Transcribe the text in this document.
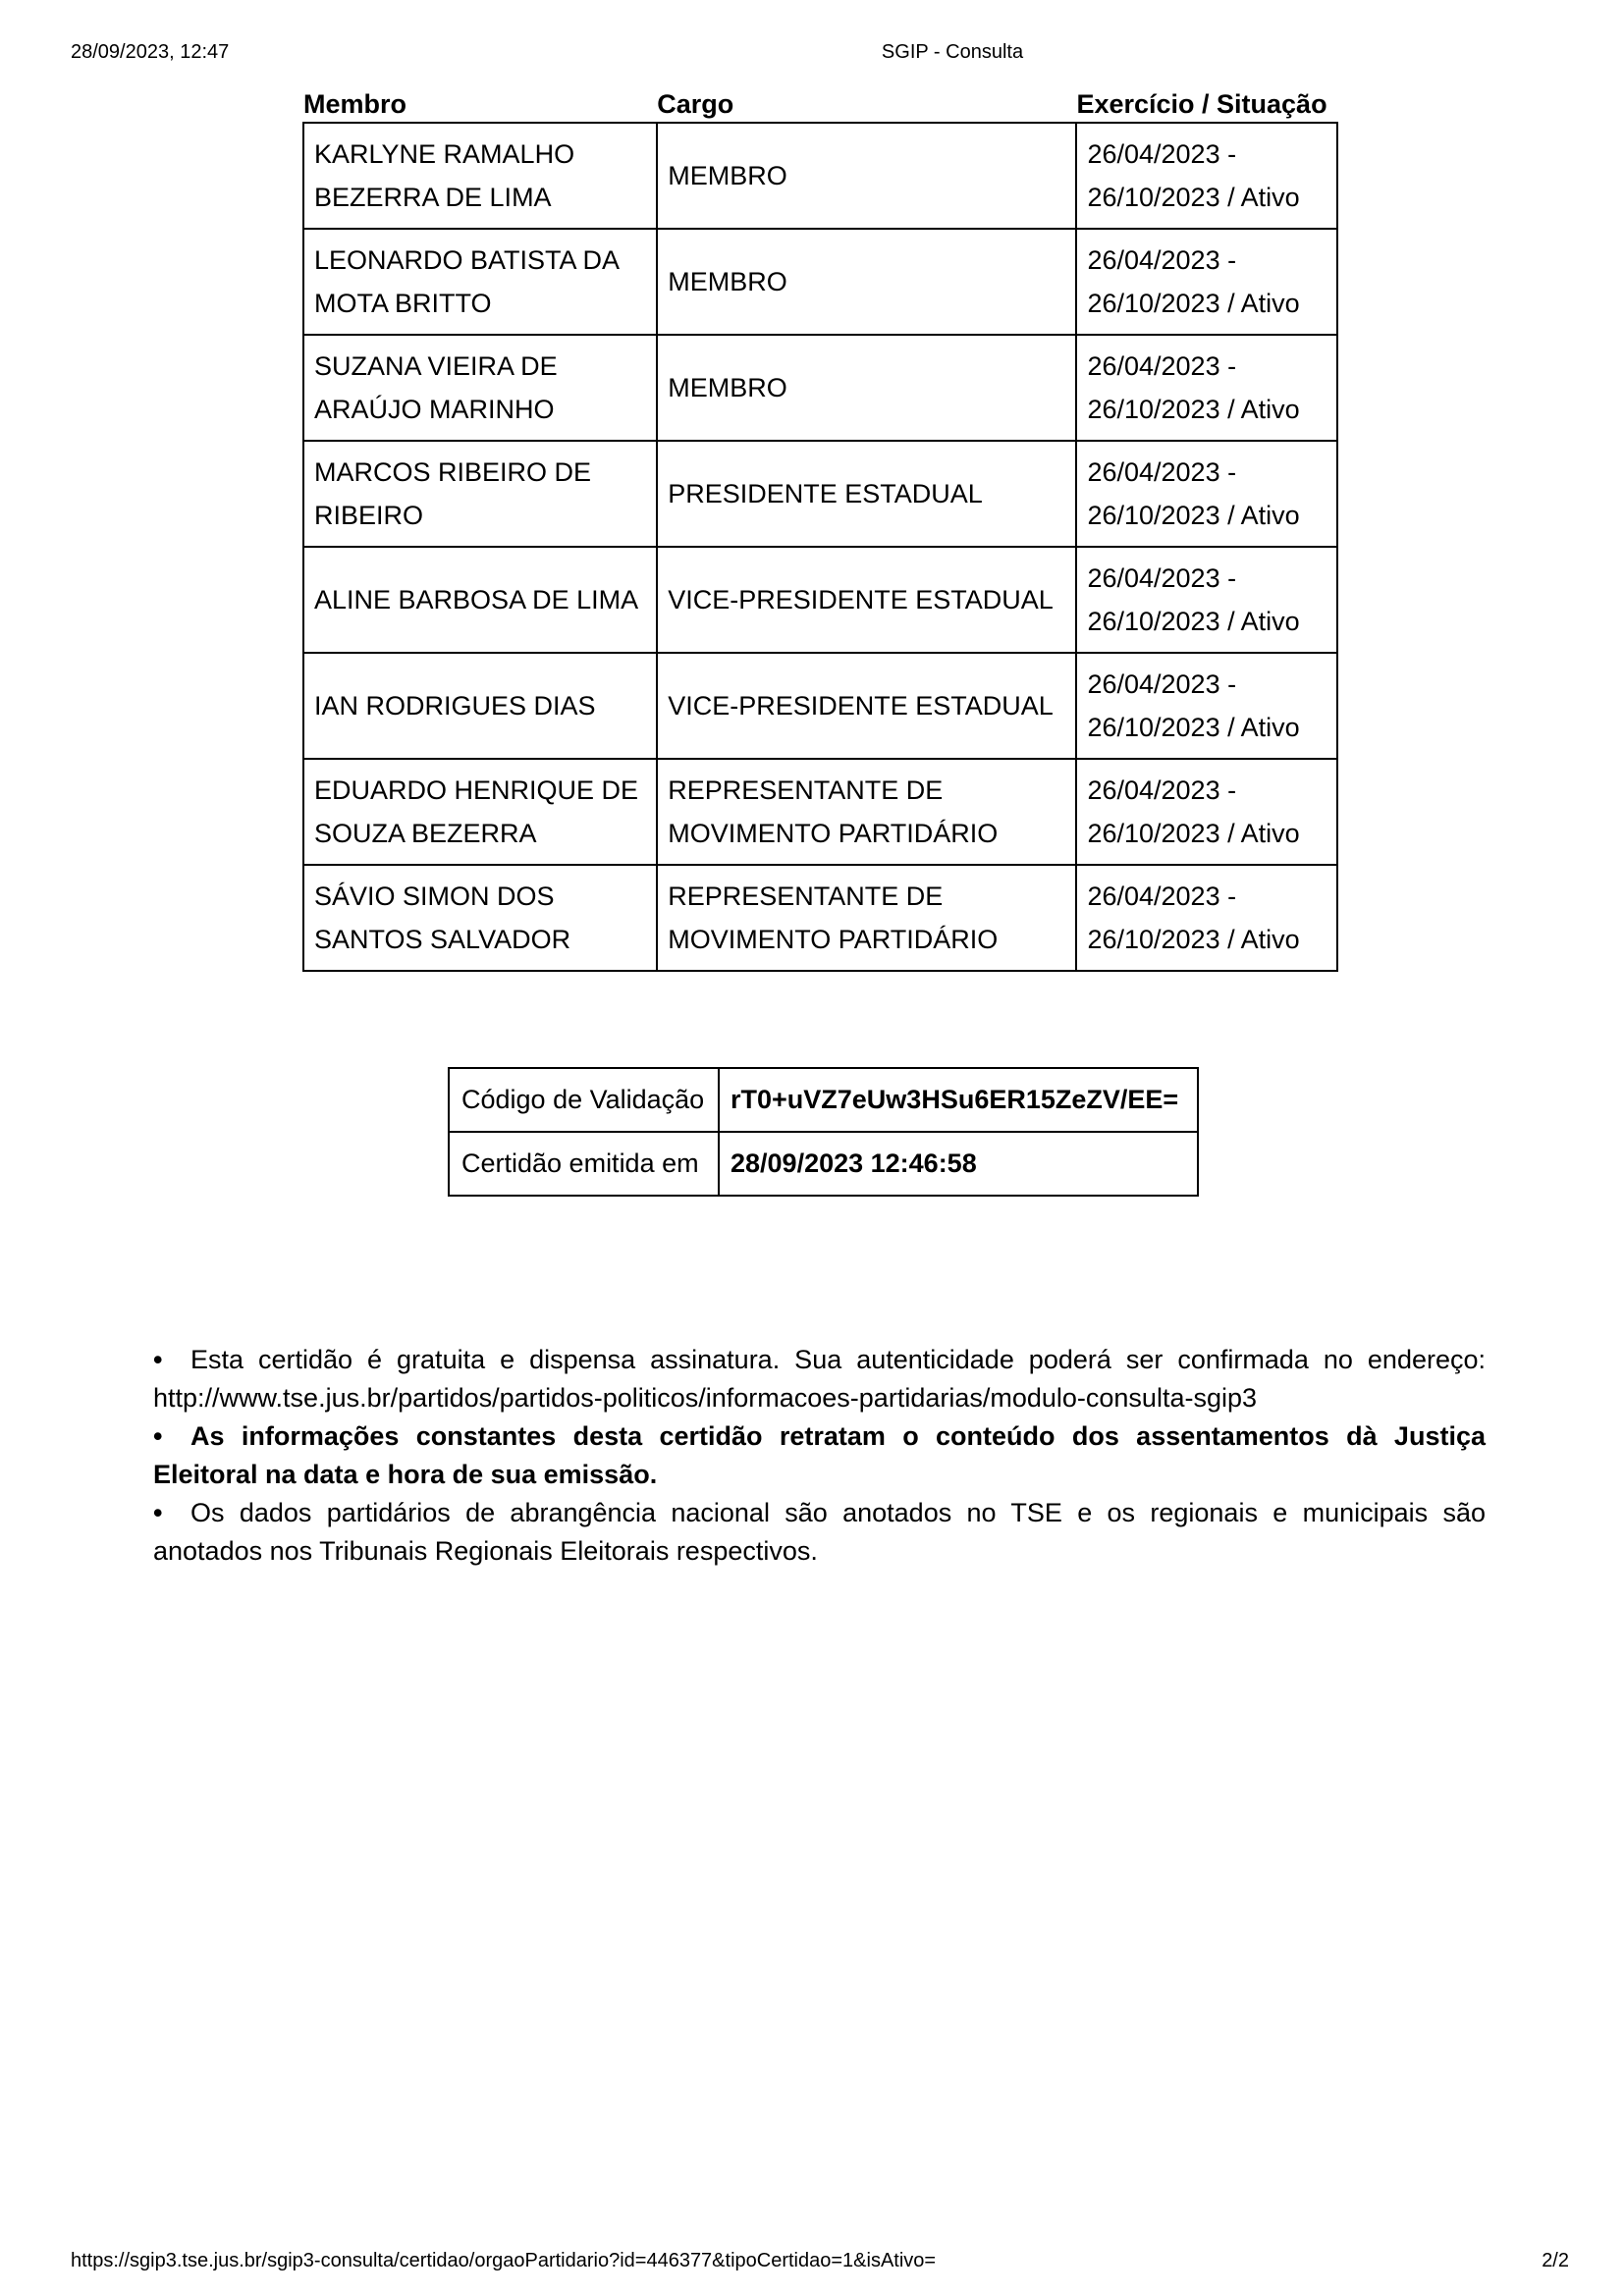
28/09/2023, 12:47	SGIP - Consulta
Membro	Cargo	Exercício / Situação
KARLYNE RAMALHO BEZERRA DE LIMA	MEMBRO	26/04/2023 - 26/10/2023 / Ativo
LEONARDO BATISTA DA MOTA BRITTO	MEMBRO	26/04/2023 - 26/10/2023 / Ativo
SUZANA VIEIRA DE ARAÚJO MARINHO	MEMBRO	26/04/2023 - 26/10/2023 / Ativo
MARCOS RIBEIRO DE RIBEIRO	PRESIDENTE ESTADUAL	26/04/2023 - 26/10/2023 / Ativo
ALINE BARBOSA DE LIMA	VICE-PRESIDENTE ESTADUAL	26/04/2023 - 26/10/2023 / Ativo
IAN RODRIGUES DIAS	VICE-PRESIDENTE ESTADUAL	26/04/2023 - 26/10/2023 / Ativo
EDUARDO HENRIQUE DE SOUZA BEZERRA	REPRESENTANTE DE MOVIMENTO PARTIDÁRIO	26/04/2023 - 26/10/2023 / Ativo
SÁVIO SIMON DOS SANTOS SALVADOR	REPRESENTANTE DE MOVIMENTO PARTIDÁRIO	26/04/2023 - 26/10/2023 / Ativo
Código de Validação	rT0+uVZ7eUw3HSu6ER15ZeZV/EE=
Certidão emitida em	28/09/2023 12:46:58

• Esta certidão é gratuita e dispensa assinatura. Sua autenticidade poderá ser confirmada no endereço: http://www.tse.jus.br/partidos/partidos-politicos/informacoes-partidarias/modulo-consulta-sgip3

• As informações constantes desta certidão retratam o conteúdo dos assentamentos dà Justiça Eleitoral na data e hora de sua emissão.

• Os dados partidários de abrangência nacional são anotados no TSE e os regionais e municipais são anotados nos Tribunais Regionais Eleitorais respectivos.

https://sgip3.tse.jus.br/sgip3-consulta/certidao/orgaoPartidario?id=446377&tipoCertidao=1&isAtivo=	2/2
